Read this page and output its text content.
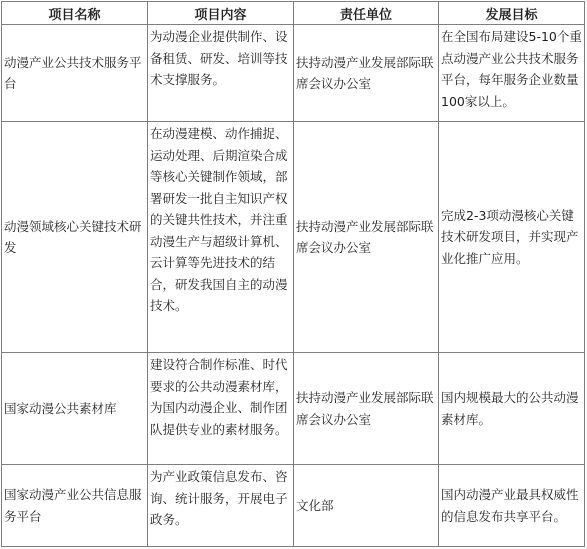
项目名称	项目内容	责任单位	发展目标
动漫产业公共技术服务平台	为动漫企业提供制作、设备租赁、研发、培训等技术支撑服务。	扶持动漫产业发展部际联席会议办公室	在全国布局建设5-10个重点动漫产业公共技术服务平台，每年服务企业数量100家以上。
动漫领域核心关键技术研发	在动漫建模、动作捕捉、运动处理、后期渲染合成等核心关键制作领域，部署研发一批自主知识产权的关键共性技术，并注重动漫生产与超级计算机、云计算等先进技术的结合，研发我国自主的动漫技术。	扶持动漫产业发展部际联席会议办公室	完成2-3项动漫核心关键技术研发项目，并实现产业化推广应用。
国家动漫公共素材库	建设符合制作标准、时代要求的公共动漫素材库，为国内动漫企业、制作团队提供专业的素材服务。	扶持动漫产业发展部际联席会议办公室	国内规模最大的公共动漫素材库。
国家动漫产业公共信息服务平台	为产业政策信息发布、咨询、统计服务，开展电子政务。	文化部	国内动漫产业最具权威性的信息发布共享平台。
